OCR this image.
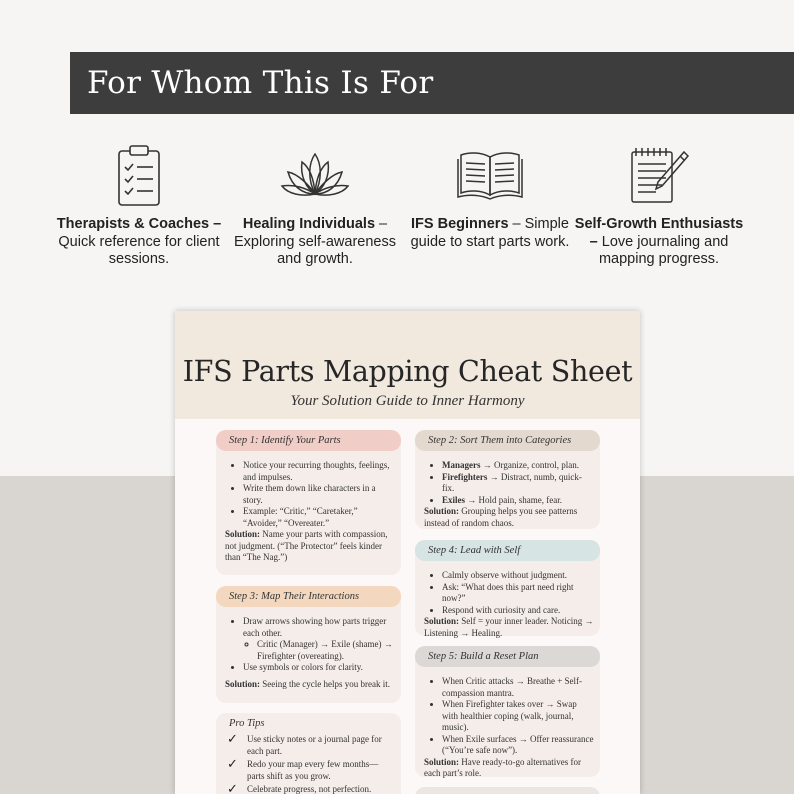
For Whom This Is For
Therapists & Coaches – Quick reference for client sessions.
Healing Individuals – Exploring self-awareness and growth.
IFS Beginners – Simple guide to start parts work.
Self-Growth Enthusiasts – Love journaling and mapping progress.
IFS Parts Mapping Cheat Sheet
Your Solution Guide to Inner Harmony
Step 1: Identify Your Parts
• Notice your recurring thoughts, feelings, and impulses.
• Write them down like characters in a story.
• Example: “Critic,” “Caretaker,” “Avoider,” “Overeater.”

Solution: Name your parts with compassion, not judgment. (“The Protector” feels kinder than “The Nag.”)

Step 2: Sort Them into Categories
• Managers → Organize, control, plan.
• Firefighters → Distract, numb, quick-fix.
• Exiles → Hold pain, shame, fear.

Solution: Grouping helps you see patterns instead of random chaos.

Step 3: Map Their Interactions
• Draw arrows showing how parts trigger each other.
◦ Critic (Manager) → Exile (shame) → Firefighter (overeating).
• Use symbols or colors for clarity.

Solution: Seeing the cycle helps you break it.

Step 4: Lead with Self
• Calmly observe without judgment.
• Ask: “What does this part need right now?”
• Respond with curiosity and care.

Solution: Self = your inner leader. Noticing → Listening → Healing.

Step 5: Build a Reset Plan
• When Critic attacks → Breathe + Self-compassion mantra.
• When Firefighter takes over → Swap with healthier coping (walk, journal, music).
• When Exile surfaces → Offer reassurance (“You’re safe now”).

Solution: Have ready-to-go alternatives for each part’s role.

Pro Tips
✓ Use sticky notes or a journal page for each part.
✓ Redo your map every few months—parts shift as you grow.
✓ Celebrate progress, not perfection.
